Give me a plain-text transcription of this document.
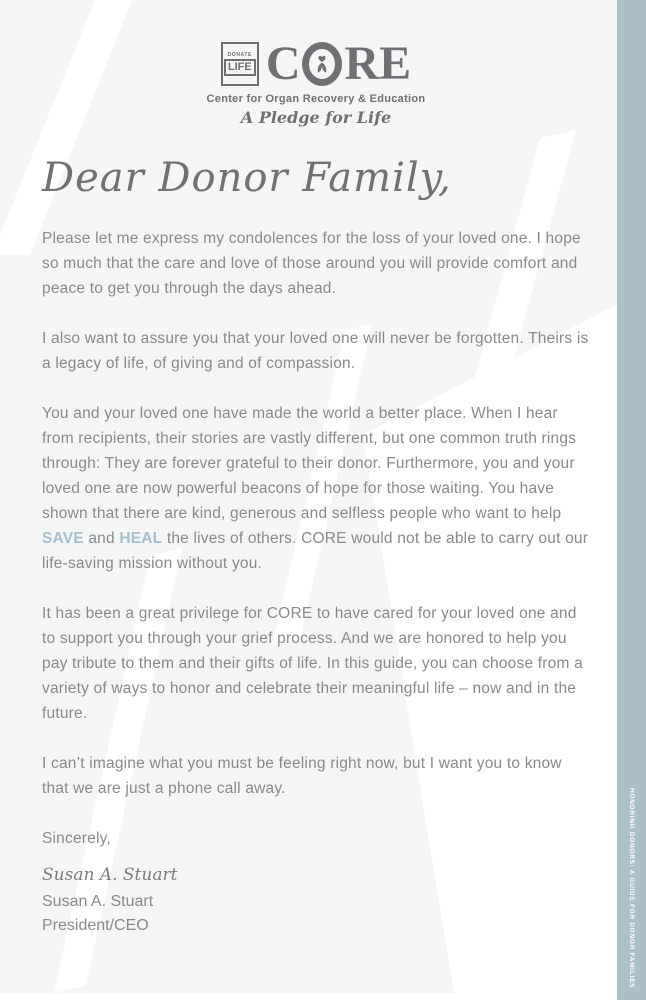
HONORING DONORS: A GUIDE FOR DONOR FAMILIES
DONATE
LIFE C RE
Center for Organ Recovery & Education
A Pledge for Life
Dear Donor Family,

Please let me express my condolences for the loss of your loved one. I hope so much that the care and love of those around you will provide comfort and peace to get you through the days ahead.

I also want to assure you that your loved one will never be forgotten. Theirs is a legacy of life, of giving and of compassion.

You and your loved one have made the world a better place. When I hear from recipients, their stories are vastly different, but one common truth rings through: They are forever grateful to their donor. Furthermore, you and your loved one are now powerful beacons of hope for those waiting. You have shown that there are kind, generous and selfless people who want to help SAVE and HEAL the lives of others. CORE would not be able to carry out our life-saving mission without you.

It has been a great privilege for CORE to have cared for your loved one and to support you through your grief process. And we are honored to help you pay tribute to them and their gifts of life. In this guide, you can choose from a variety of ways to honor and celebrate their meaningful life – now and in the future.

I can’t imagine what you must be feeling right now, but I want you to know that we are just a phone call away.

Sincerely,

Susan A. Stuart
Susan A. Stuart
President/CEO
